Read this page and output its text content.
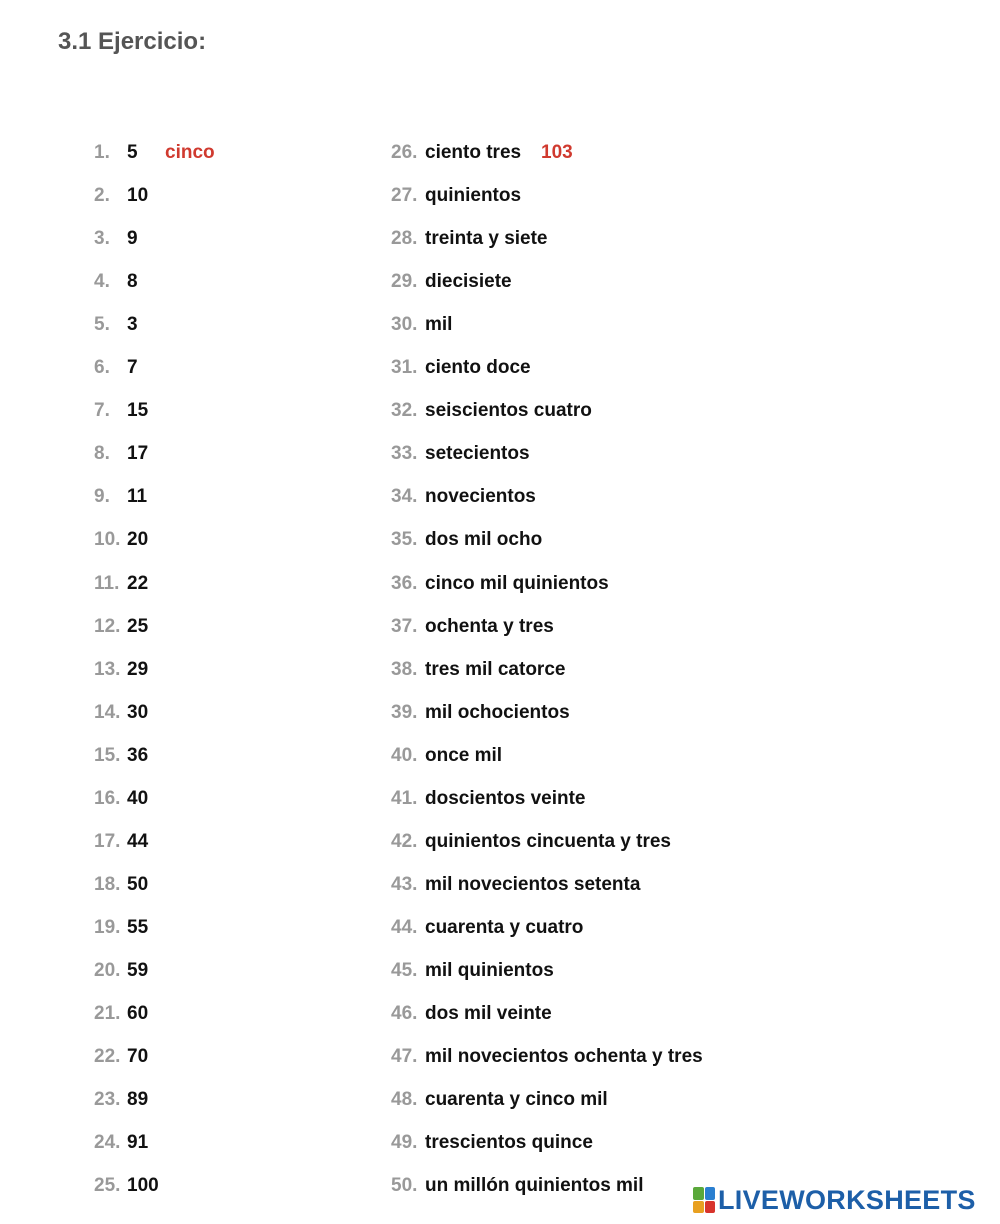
3.1 Ejercicio:
1. 5 cinco
2. 10
3. 9
4. 8
5. 3
6. 7
7. 15
8. 17
9. 11
10. 20
11. 22
12. 25
13. 29
14. 30
15. 36
16. 40
17. 44
18. 50
19. 55
20. 59
21. 60
22. 70
23. 89
24. 91
25. 100
26. ciento tres 103
27. quinientos
28. treinta y siete
29. diecisiete
30. mil
31. ciento doce
32. seiscientos cuatro
33. setecientos
34. novecientos
35. dos mil ocho
36. cinco mil quinientos
37. ochenta y tres
38. tres mil catorce
39. mil ochocientos
40. once mil
41. doscientos veinte
42. quinientos cincuenta y tres
43. mil novecientos setenta
44. cuarenta y cuatro
45. mil quinientos
46. dos mil veinte
47. mil novecientos ochenta y tres
48. cuarenta y cinco mil
49. trescientos quince
50. un millón quinientos mil	LIVEWORKSHEETS
